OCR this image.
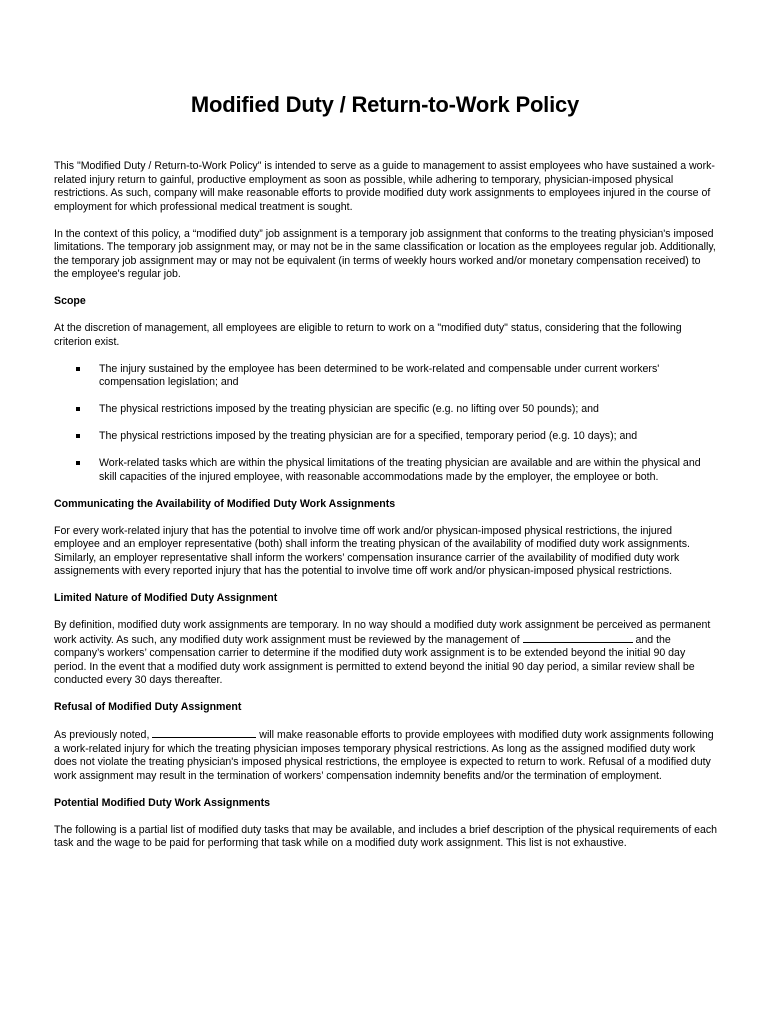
Modified Duty / Return-to-Work Policy

This "Modified Duty / Return-to-Work Policy" is intended to serve as a guide to management to assist employees who have sustained a work-related injury return to gainful, productive employment as soon as possible, while adhering to temporary, physician-imposed physical restrictions. As such, company will make reasonable efforts to provide modified duty work assignments to employees injured in the course of employment for which professional medical treatment is sought.

In the context of this policy, a “modified duty” job assignment is a temporary job assignment that conforms to the treating physician's imposed limitations. The temporary job assignment may, or may not be in the same classification or location as the employees regular job. Additionally, the temporary job assignment may or may not be equivalent (in terms of weekly hours worked and/or monetary compensation received) to the employee's regular job.

Scope

At the discretion of management, all employees are eligible to return to work on a "modified duty" status, considering that the following criterion exist.

The injury sustained by the employee has been determined to be work-related and compensable under current workers' compensation legislation; and
The physical restrictions imposed by the treating physician are specific (e.g. no lifting over 50 pounds); and
The physical restrictions imposed by the treating physician are for a specified, temporary period (e.g. 10 days); and
Work-related tasks which are within the physical limitations of the treating physician are available and are within the physical and skill capacities of the injured employee, with reasonable accommodations made by the employer, the employee or both.
Communicating the Availability of Modified Duty Work Assignments

For every work-related injury that has the potential to involve time off work and/or physican-imposed physical restrictions, the injured employee and an employer representative (both) shall inform the treating physican of the availability of modified duty work assignments. Similarly, an employer representative shall inform the workers’ compensation insurance carrier of the availability of modified duty work assignements with every reported injury that has the potential to involve time off work and/or physican-imposed physical restrictions.

Limited Nature of Modified Duty Assignment

By definition, modified duty work assignments are temporary. In no way should a modified duty work assignment be perceived as permanent work activity. As such, any modified duty work assignment must be reviewed by the management of	and the company’s workers’ compensation carrier to determine if the modified duty work assignment is to be extended beyond the initial 90 day period. In the event that a modified duty work assignment is permitted to extend beyond the initial 90 day period, a similar review shall be conducted every 30 days thereafter.

Refusal of Modified Duty Assignment

As previously noted,	will make reasonable efforts to provide employees with modified duty work assignments following a work-related injury for which the treating physician imposes temporary physical restrictions. As long as the assigned modified duty work does not violate the treating physician's imposed physical restrictions, the employee is expected to return to work. Refusal of a modified duty work assignment may result in the termination of workers’ compensation indemnity benefits and/or the termination of employment.

Potential Modified Duty Work Assignments

The following is a partial list of modified duty tasks that may be available, and includes a brief description of the physical requirements of each task and the wage to be paid for performing that task while on a modified duty work assignment. This list is not exhaustive.
